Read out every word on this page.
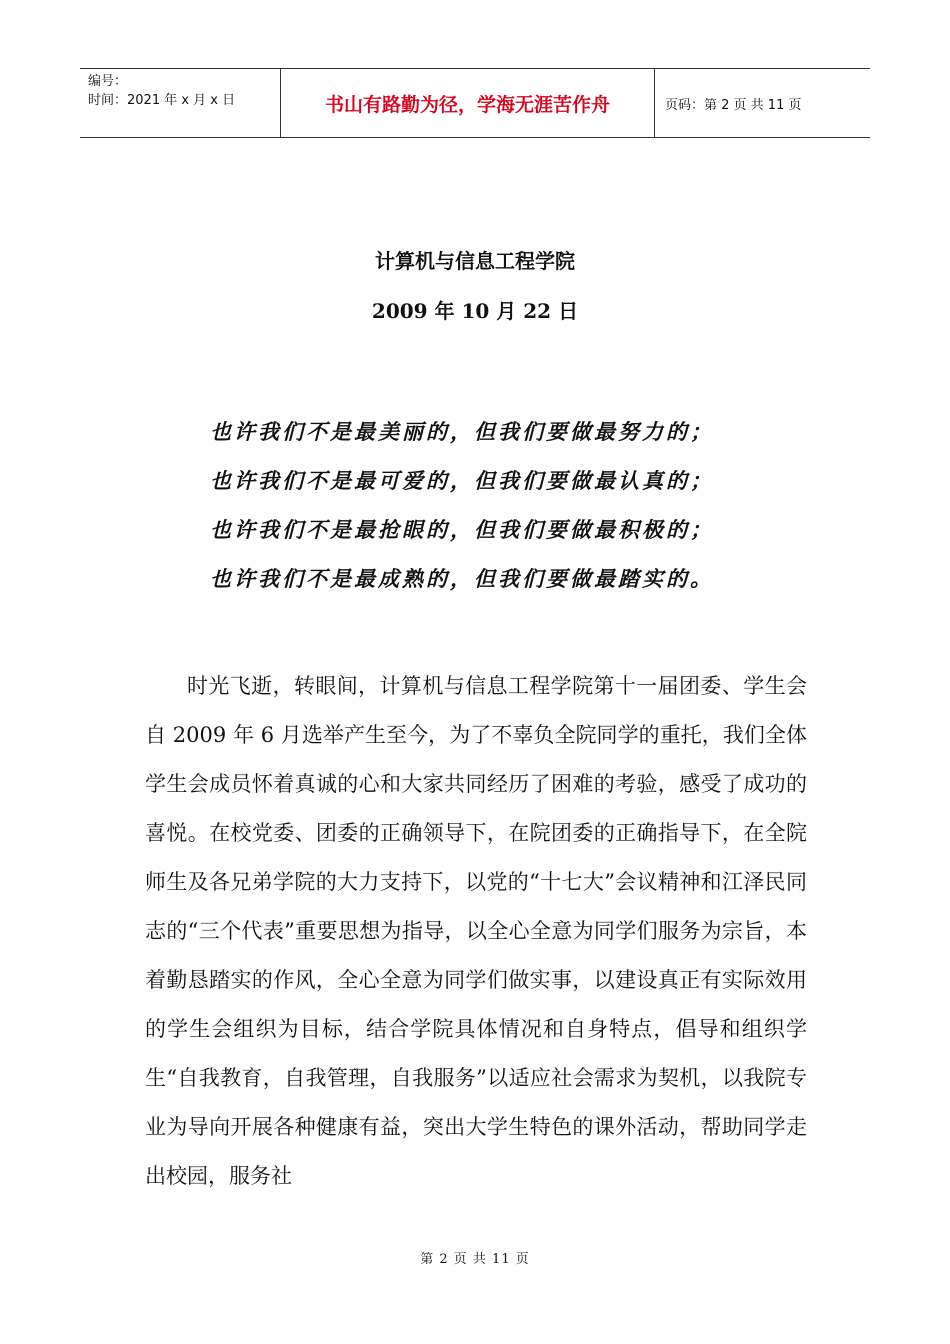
编号：
时间：2021 年 x 月 x 日	书山有路勤为径，学海无涯苦作舟	页码：第 2 页 共 11 页
计算机与信息工程学院
2009 年 10 月 22 日
也许我们不是最美丽的，但我们要做最努力的；
也许我们不是最可爱的，但我们要做最认真的；
也许我们不是最抢眼的，但我们要做最积极的；
也许我们不是最成熟的，但我们要做最踏实的。

时光飞逝，转眼间，计算机与信息工程学院第十一届团委、学生会自 2009 年 6 月选举产生至今，为了不辜负全院同学的重托，我们全体学生会成员怀着真诚的心和大家共同经历了困难的考验，感受了成功的喜悦。在校党委、团委的正确领导下，在院团委的正确指导下，在全院师生及各兄弟学院的大力支持下，以党的“十七大”会议精神和江泽民同志的“三个代表”重要思想为指导，以全心全意为同学们服务为宗旨，本着勤恳踏实的作风，全心全意为同学们做实事，以建设真正有实际效用的学生会组织为目标，结合学院具体情况和自身特点，倡导和组织学生“自我教育，自我管理，自我服务”以适应社会需求为契机，以我院专业为导向开展各种健康有益，突出大学生特色的课外活动，帮助同学走出校园，服务社

第 2 页 共 11 页
